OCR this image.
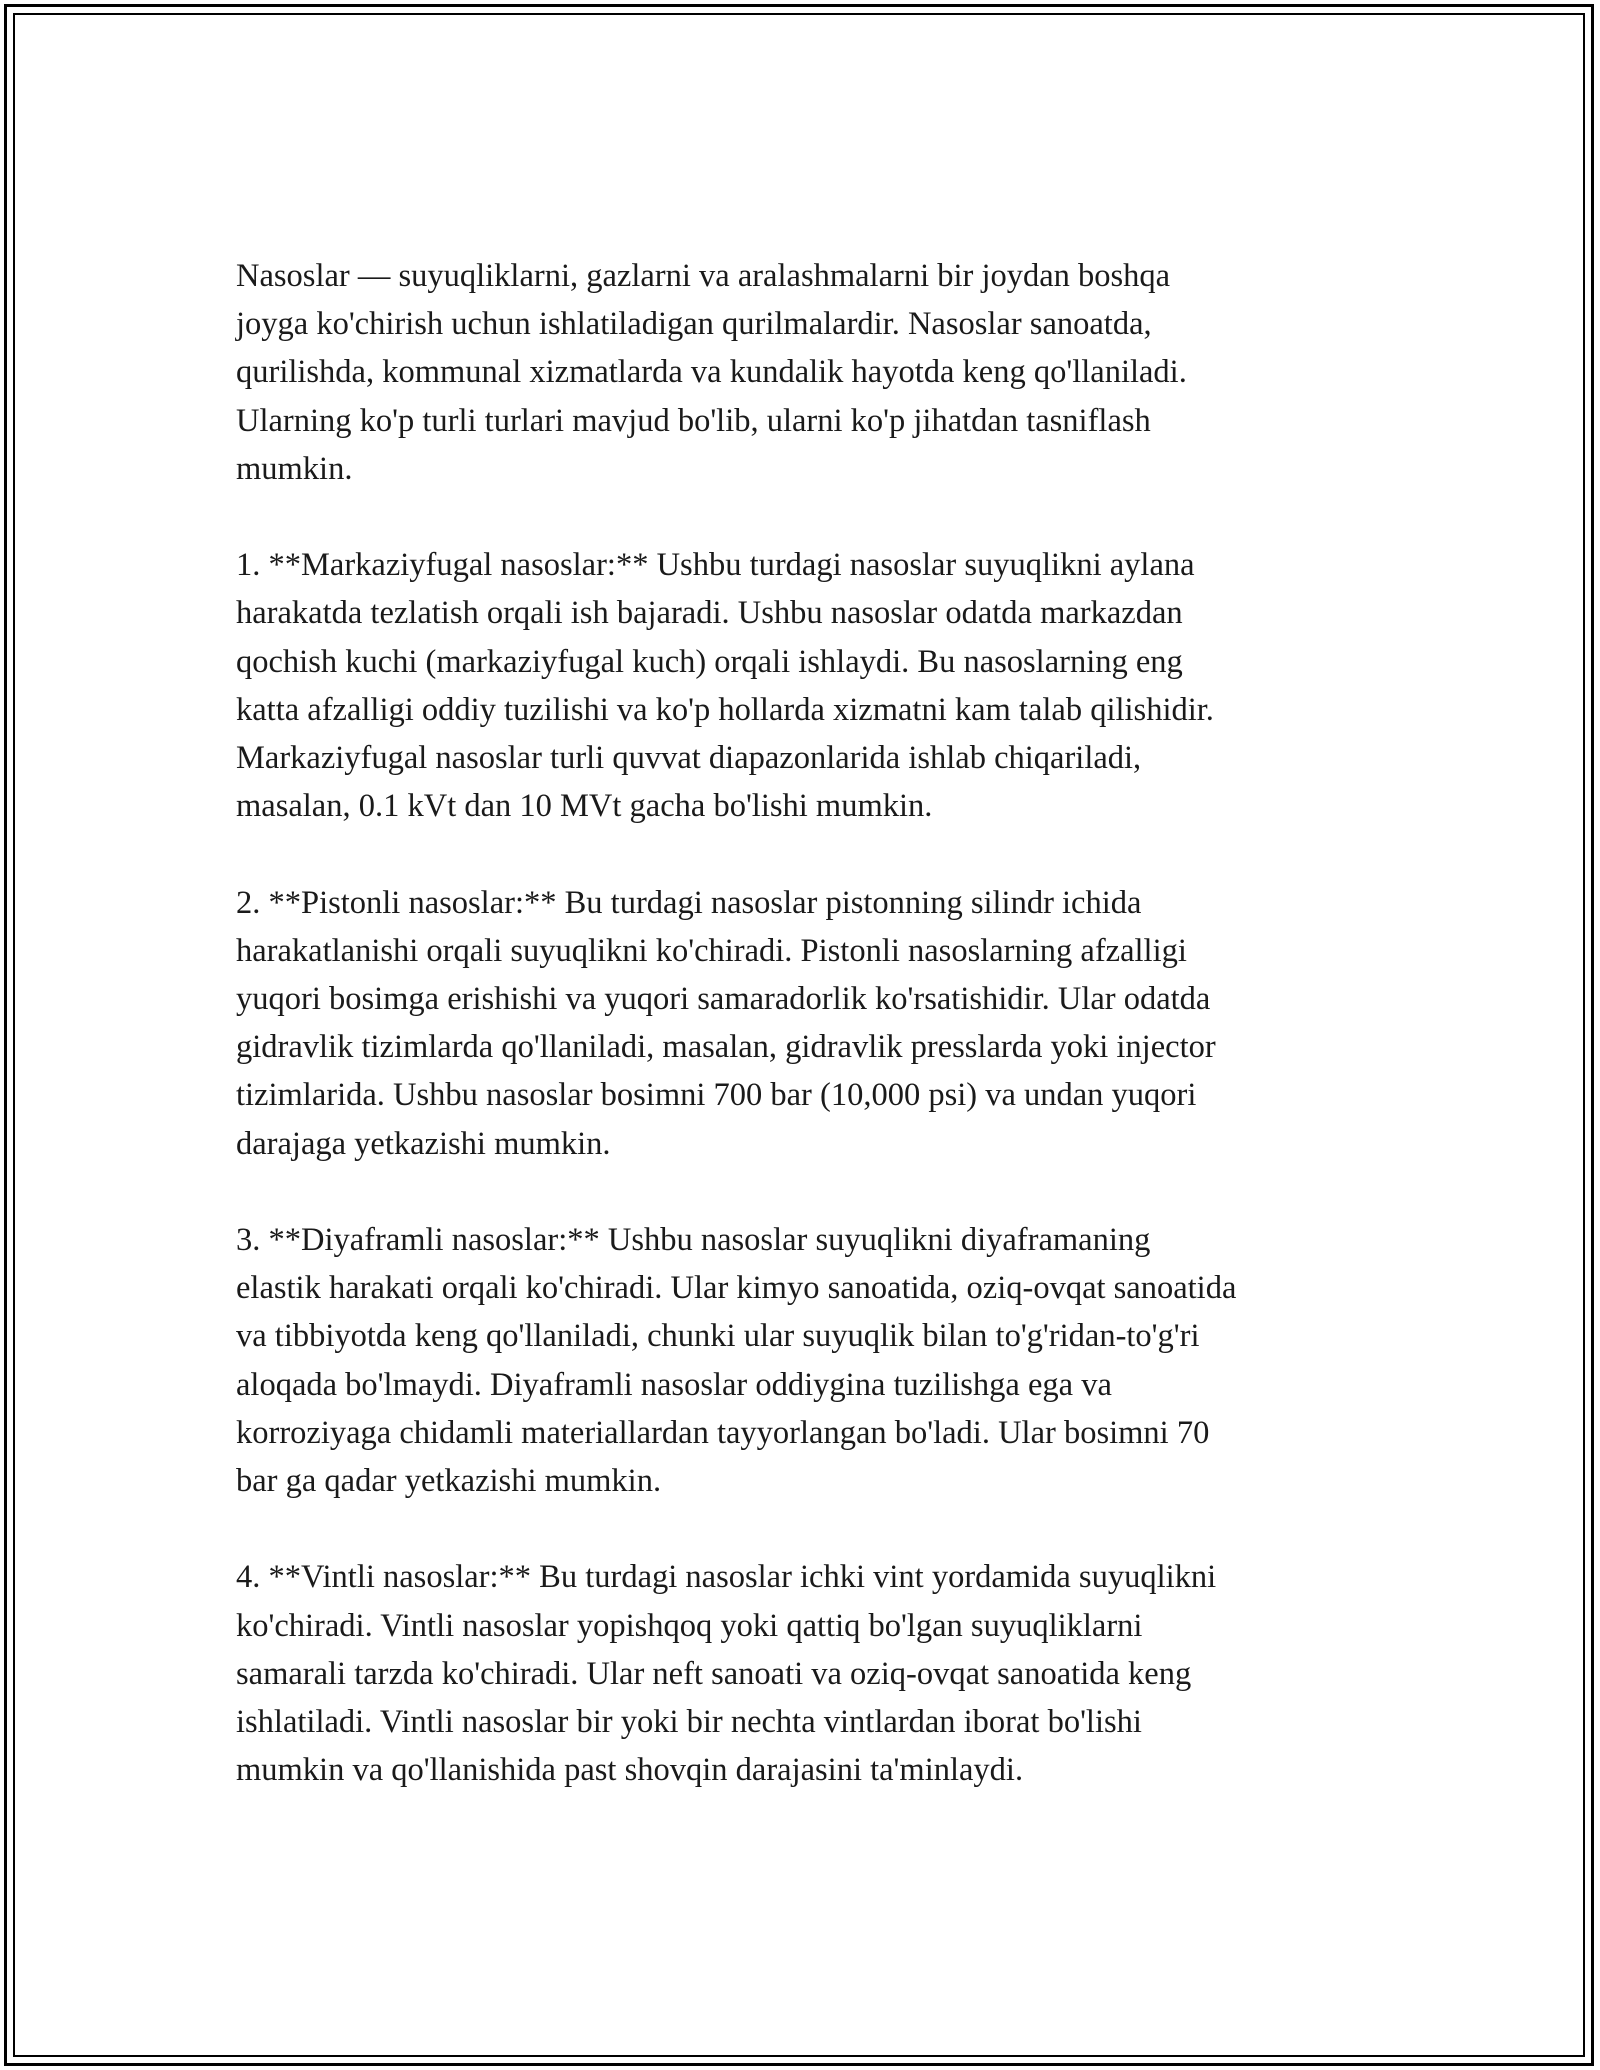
Nasoslar — suyuqliklarni, gazlarni va aralashmalarni bir joydan boshqa
joyga ko'chirish uchun ishlatiladigan qurilmalardir. Nasoslar sanoatda,
qurilishda, kommunal xizmatlarda va kundalik hayotda keng qo'llaniladi.
Ularning ko'p turli turlari mavjud bo'lib, ularni ko'p jihatdan tasniflash
mumkin.

1. **Markaziyfugal nasoslar:** Ushbu turdagi nasoslar suyuqlikni aylana
harakatda tezlatish orqali ish bajaradi. Ushbu nasoslar odatda markazdan
qochish kuchi (markaziyfugal kuch) orqali ishlaydi. Bu nasoslarning eng
katta afzalligi oddiy tuzilishi va ko'p hollarda xizmatni kam talab qilishidir.
Markaziyfugal nasoslar turli quvvat diapazonlarida ishlab chiqariladi,
masalan, 0.1 kVt dan 10 MVt gacha bo'lishi mumkin.

2. **Pistonli nasoslar:** Bu turdagi nasoslar pistonning silindr ichida
harakatlanishi orqali suyuqlikni ko'chiradi. Pistonli nasoslarning afzalligi
yuqori bosimga erishishi va yuqori samaradorlik ko'rsatishidir. Ular odatda
gidravlik tizimlarda qo'llaniladi, masalan, gidravlik presslarda yoki injector
tizimlarida. Ushbu nasoslar bosimni 700 bar (10,000 psi) va undan yuqori
darajaga yetkazishi mumkin.

3. **Diyaframli nasoslar:** Ushbu nasoslar suyuqlikni diyaframaning
elastik harakati orqali ko'chiradi. Ular kimyo sanoatida, oziq-ovqat sanoatida
va tibbiyotda keng qo'llaniladi, chunki ular suyuqlik bilan to'g'ridan-to'g'ri
aloqada bo'lmaydi. Diyaframli nasoslar oddiygina tuzilishga ega va
korroziyaga chidamli materiallardan tayyorlangan bo'ladi. Ular bosimni 70
bar ga qadar yetkazishi mumkin.

4. **Vintli nasoslar:** Bu turdagi nasoslar ichki vint yordamida suyuqlikni
ko'chiradi. Vintli nasoslar yopishqoq yoki qattiq bo'lgan suyuqliklarni
samarali tarzda ko'chiradi. Ular neft sanoati va oziq-ovqat sanoatida keng
ishlatiladi. Vintli nasoslar bir yoki bir nechta vintlardan iborat bo'lishi
mumkin va qo'llanishida past shovqin darajasini ta'minlaydi.
